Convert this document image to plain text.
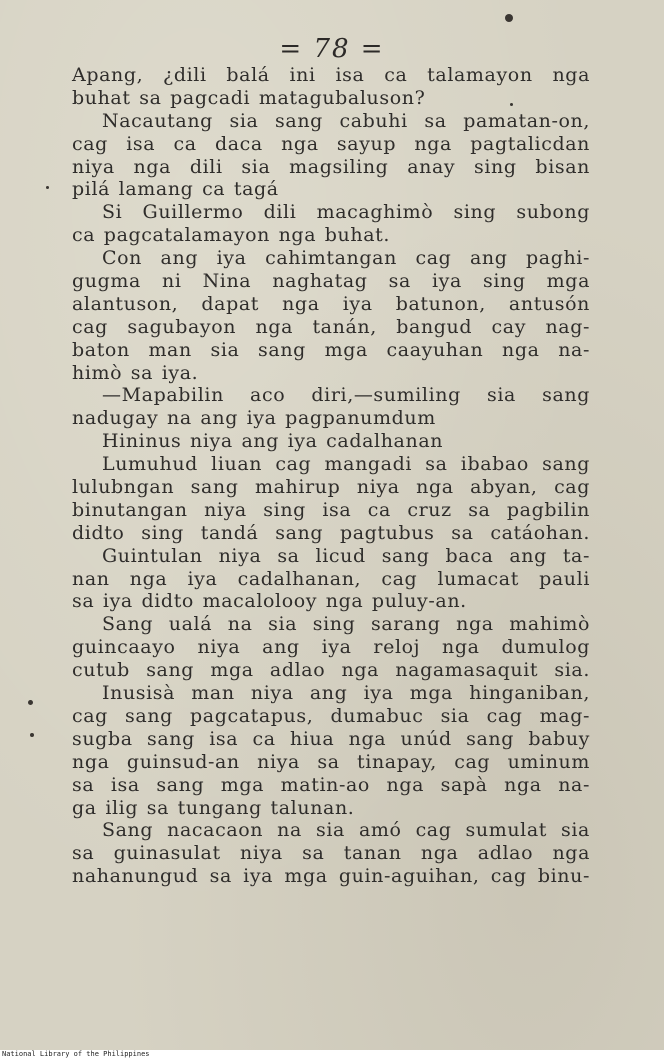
= 78 =
Apang, ¿dili balá ini isa ca talamayon nga
buhat sa pagcadi matagubaluson?
Nacautang sia sang cabuhi sa pamatan-on,
cag isa ca daca nga sayup nga pagtalicdan
niya nga dili sia magsiling anay sing bisan
pilá lamang ca tagá
Si Guillermo dili macaghimò sing subong
ca pagcatalamayon nga buhat.
Con ang iya cahimtangan cag ang paghi-
gugma ni Nina naghatag sa iya sing mga
alantuson, dapat nga iya batunon, antusón
cag sagubayon nga tanán, bangud cay nag-
baton man sia sang mga caayuhan nga na-
himò sa iya.
—Mapabilin aco diri,—sumiling sia sang
nadugay na ang iya pagpanumdum
Hininus niya ang iya cadalhanan
Lumuhud liuan cag mangadi sa ibabao sang
lulubngan sang mahirup niya nga abyan, cag
binutangan niya sing isa ca cruz sa pagbilin
didto sing tandá sang pagtubus sa catáohan.
Guintulan niya sa licud sang baca ang ta-
nan nga iya cadalhanan, cag lumacat pauli
sa iya didto macalolooy nga puluy-an.
Sang ualá na sia sing sarang nga mahimò
guincaayo niya ang iya reloj nga dumulog
cutub sang mga adlao nga nagamasaquit sia.
Inusisà man niya ang iya mga hinganiban,
cag sang pagcatapus, dumabuc sia cag mag-
sugba sang isa ca hiua nga unúd sang babuy
nga guinsud-an niya sa tinapay, cag uminum
sa isa sang mga matin-ao nga sapà nga na-
ga ilig sa tungang talunan.
Sang nacacaon na sia amó cag sumulat sia
sa guinasulat niya sa tanan nga adlao nga
nahanungud sa iya mga guin-aguihan, cag binu-
National Library of the Philippines
